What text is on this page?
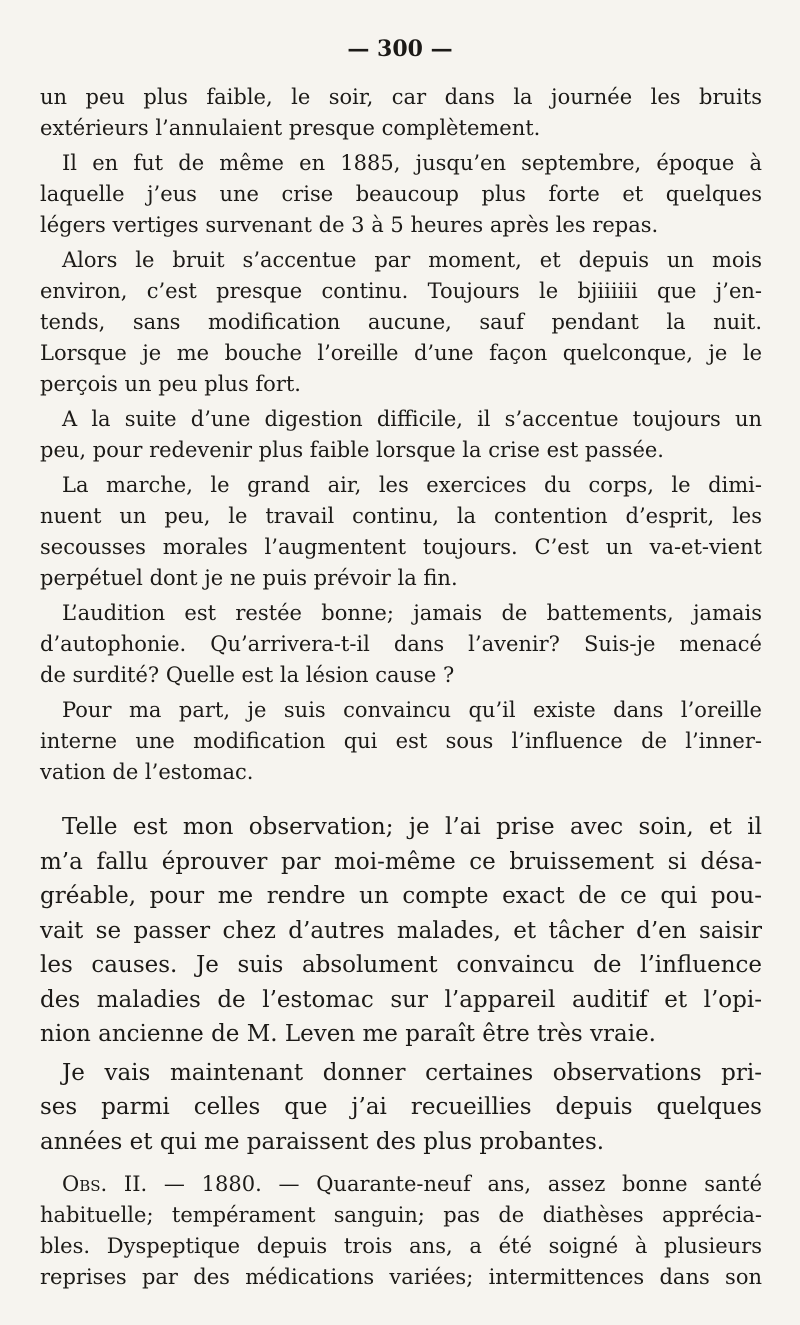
— 300 —

un peu plus faible, le soir, car dans la journée les bruits
extérieurs l’annulaient presque complètement.

Il en fut de même en 1885, jusqu’en septembre, époque à
laquelle j’eus une crise beaucoup plus forte et quelques
légers vertiges survenant de 3 à 5 heures après les repas.

Alors le bruit s’accentue par moment, et depuis un mois
environ, c’est presque continu. Toujours le bjiiiiii que j’en-
tends, sans modification aucune, sauf pendant la nuit.
Lorsque je me bouche l’oreille d’une façon quelconque, je le
perçois un peu plus fort.

A la suite d’une digestion difficile, il s’accentue toujours un
peu, pour redevenir plus faible lorsque la crise est passée.

La marche, le grand air, les exercices du corps, le dimi-
nuent un peu, le travail continu, la contention d’esprit, les
secousses morales l’augmentent toujours. C’est un va-et-vient
perpétuel dont je ne puis prévoir la fin.

L’audition est restée bonne; jamais de battements, jamais
d’autophonie. Qu’arrivera-t-il dans l’avenir? Suis-je menacé
de surdité? Quelle est la lésion cause ?

Pour ma part, je suis convaincu qu’il existe dans l’oreille
interne une modification qui est sous l’influence de l’inner-
vation de l’estomac.

Telle est mon observation; je l’ai prise avec soin, et il
m’a fallu éprouver par moi-même ce bruissement si désa-
gréable, pour me rendre un compte exact de ce qui pou-
vait se passer chez d’autres malades, et tâcher d’en saisir
les causes. Je suis absolument convaincu de l’influence
des maladies de l’estomac sur l’appareil auditif et l’opi-
nion ancienne de M. Leven me paraît être très vraie.

Je vais maintenant donner certaines observations pri-
ses parmi celles que j’ai recueillies depuis quelques
années et qui me paraissent des plus probantes.

Obs. II. — 1880. — Quarante-neuf ans, assez bonne santé
habituelle; tempérament sanguin; pas de diathèses apprécia-
bles. Dyspeptique depuis trois ans, a été soigné à plusieurs
reprises par des médications variées; intermittences dans son
